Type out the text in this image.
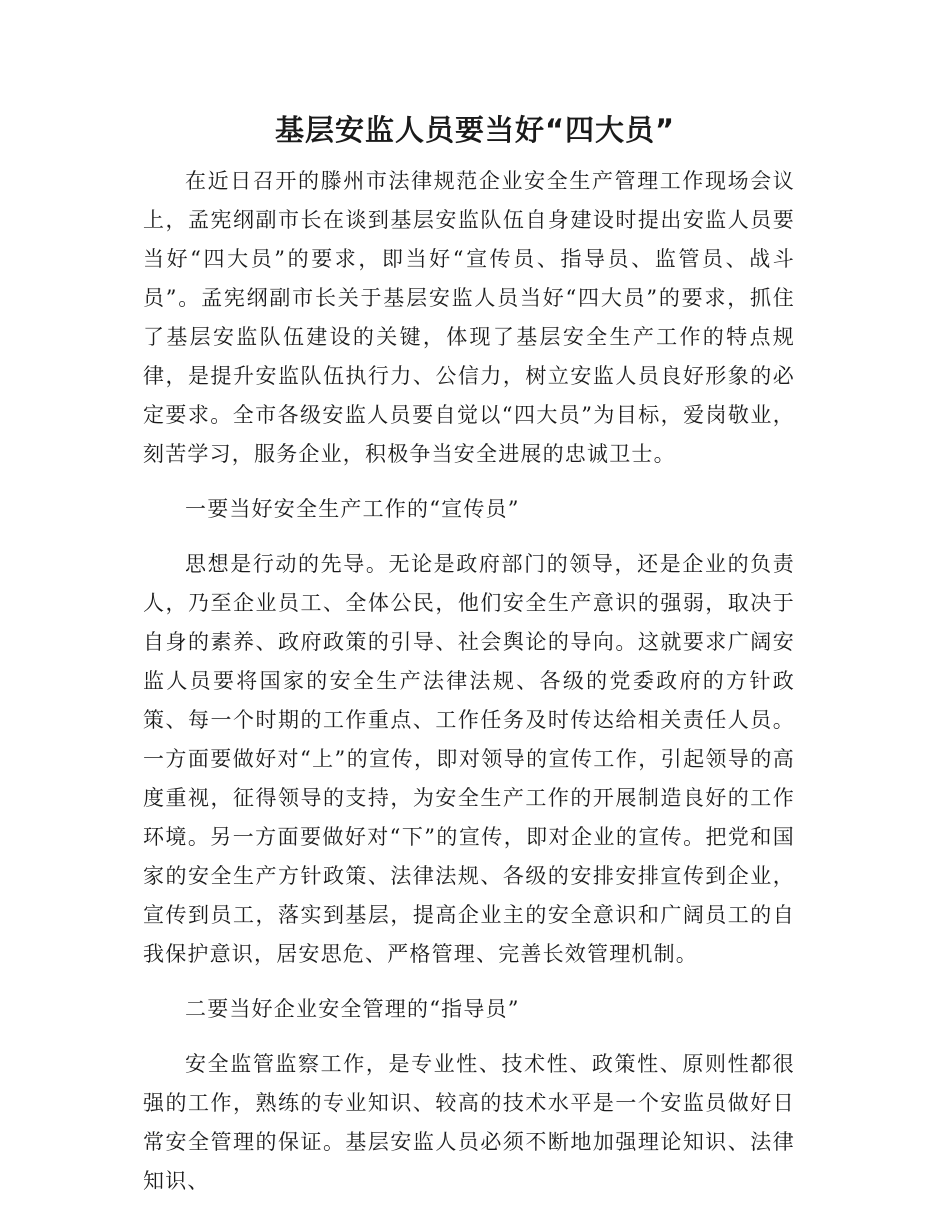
基层安监人员要当好“四大员”

在近日召开的滕州市法律规范企业安全生产管理工作现场会议上，孟宪纲副市长在谈到基层安监队伍自身建设时提出安监人员要当好“四大员”的要求，即当好“宣传员、指导员、监管员、战斗员”。孟宪纲副市长关于基层安监人员当好“四大员”的要求，抓住了基层安监队伍建设的关键，体现了基层安全生产工作的特点规律，是提升安监队伍执行力、公信力，树立安监人员良好形象的必定要求。全市各级安监人员要自觉以“四大员”为目标，爱岗敬业，刻苦学习，服务企业，积极争当安全进展的忠诚卫士。

一要当好安全生产工作的“宣传员”

思想是行动的先导。无论是政府部门的领导，还是企业的负责人，乃至企业员工、全体公民，他们安全生产意识的强弱，取决于自身的素养、政府政策的引导、社会舆论的导向。这就要求广阔安监人员要将国家的安全生产法律法规、各级的党委政府的方针政策、每一个时期的工作重点、工作任务及时传达给相关责任人员。一方面要做好对“上”的宣传，即对领导的宣传工作，引起领导的高度重视，征得领导的支持，为安全生产工作的开展制造良好的工作环境。另一方面要做好对“下”的宣传，即对企业的宣传。把党和国家的安全生产方针政策、法律法规、各级的安排安排宣传到企业，宣传到员工，落实到基层，提高企业主的安全意识和广阔员工的自我保护意识，居安思危、严格管理、完善长效管理机制。

二要当好企业安全管理的“指导员”

安全监管监察工作，是专业性、技术性、政策性、原则性都很强的工作，熟练的专业知识、较高的技术水平是一个安监员做好日常安全管理的保证。基层安监人员必须不断地加强理论知识、法律知识、
